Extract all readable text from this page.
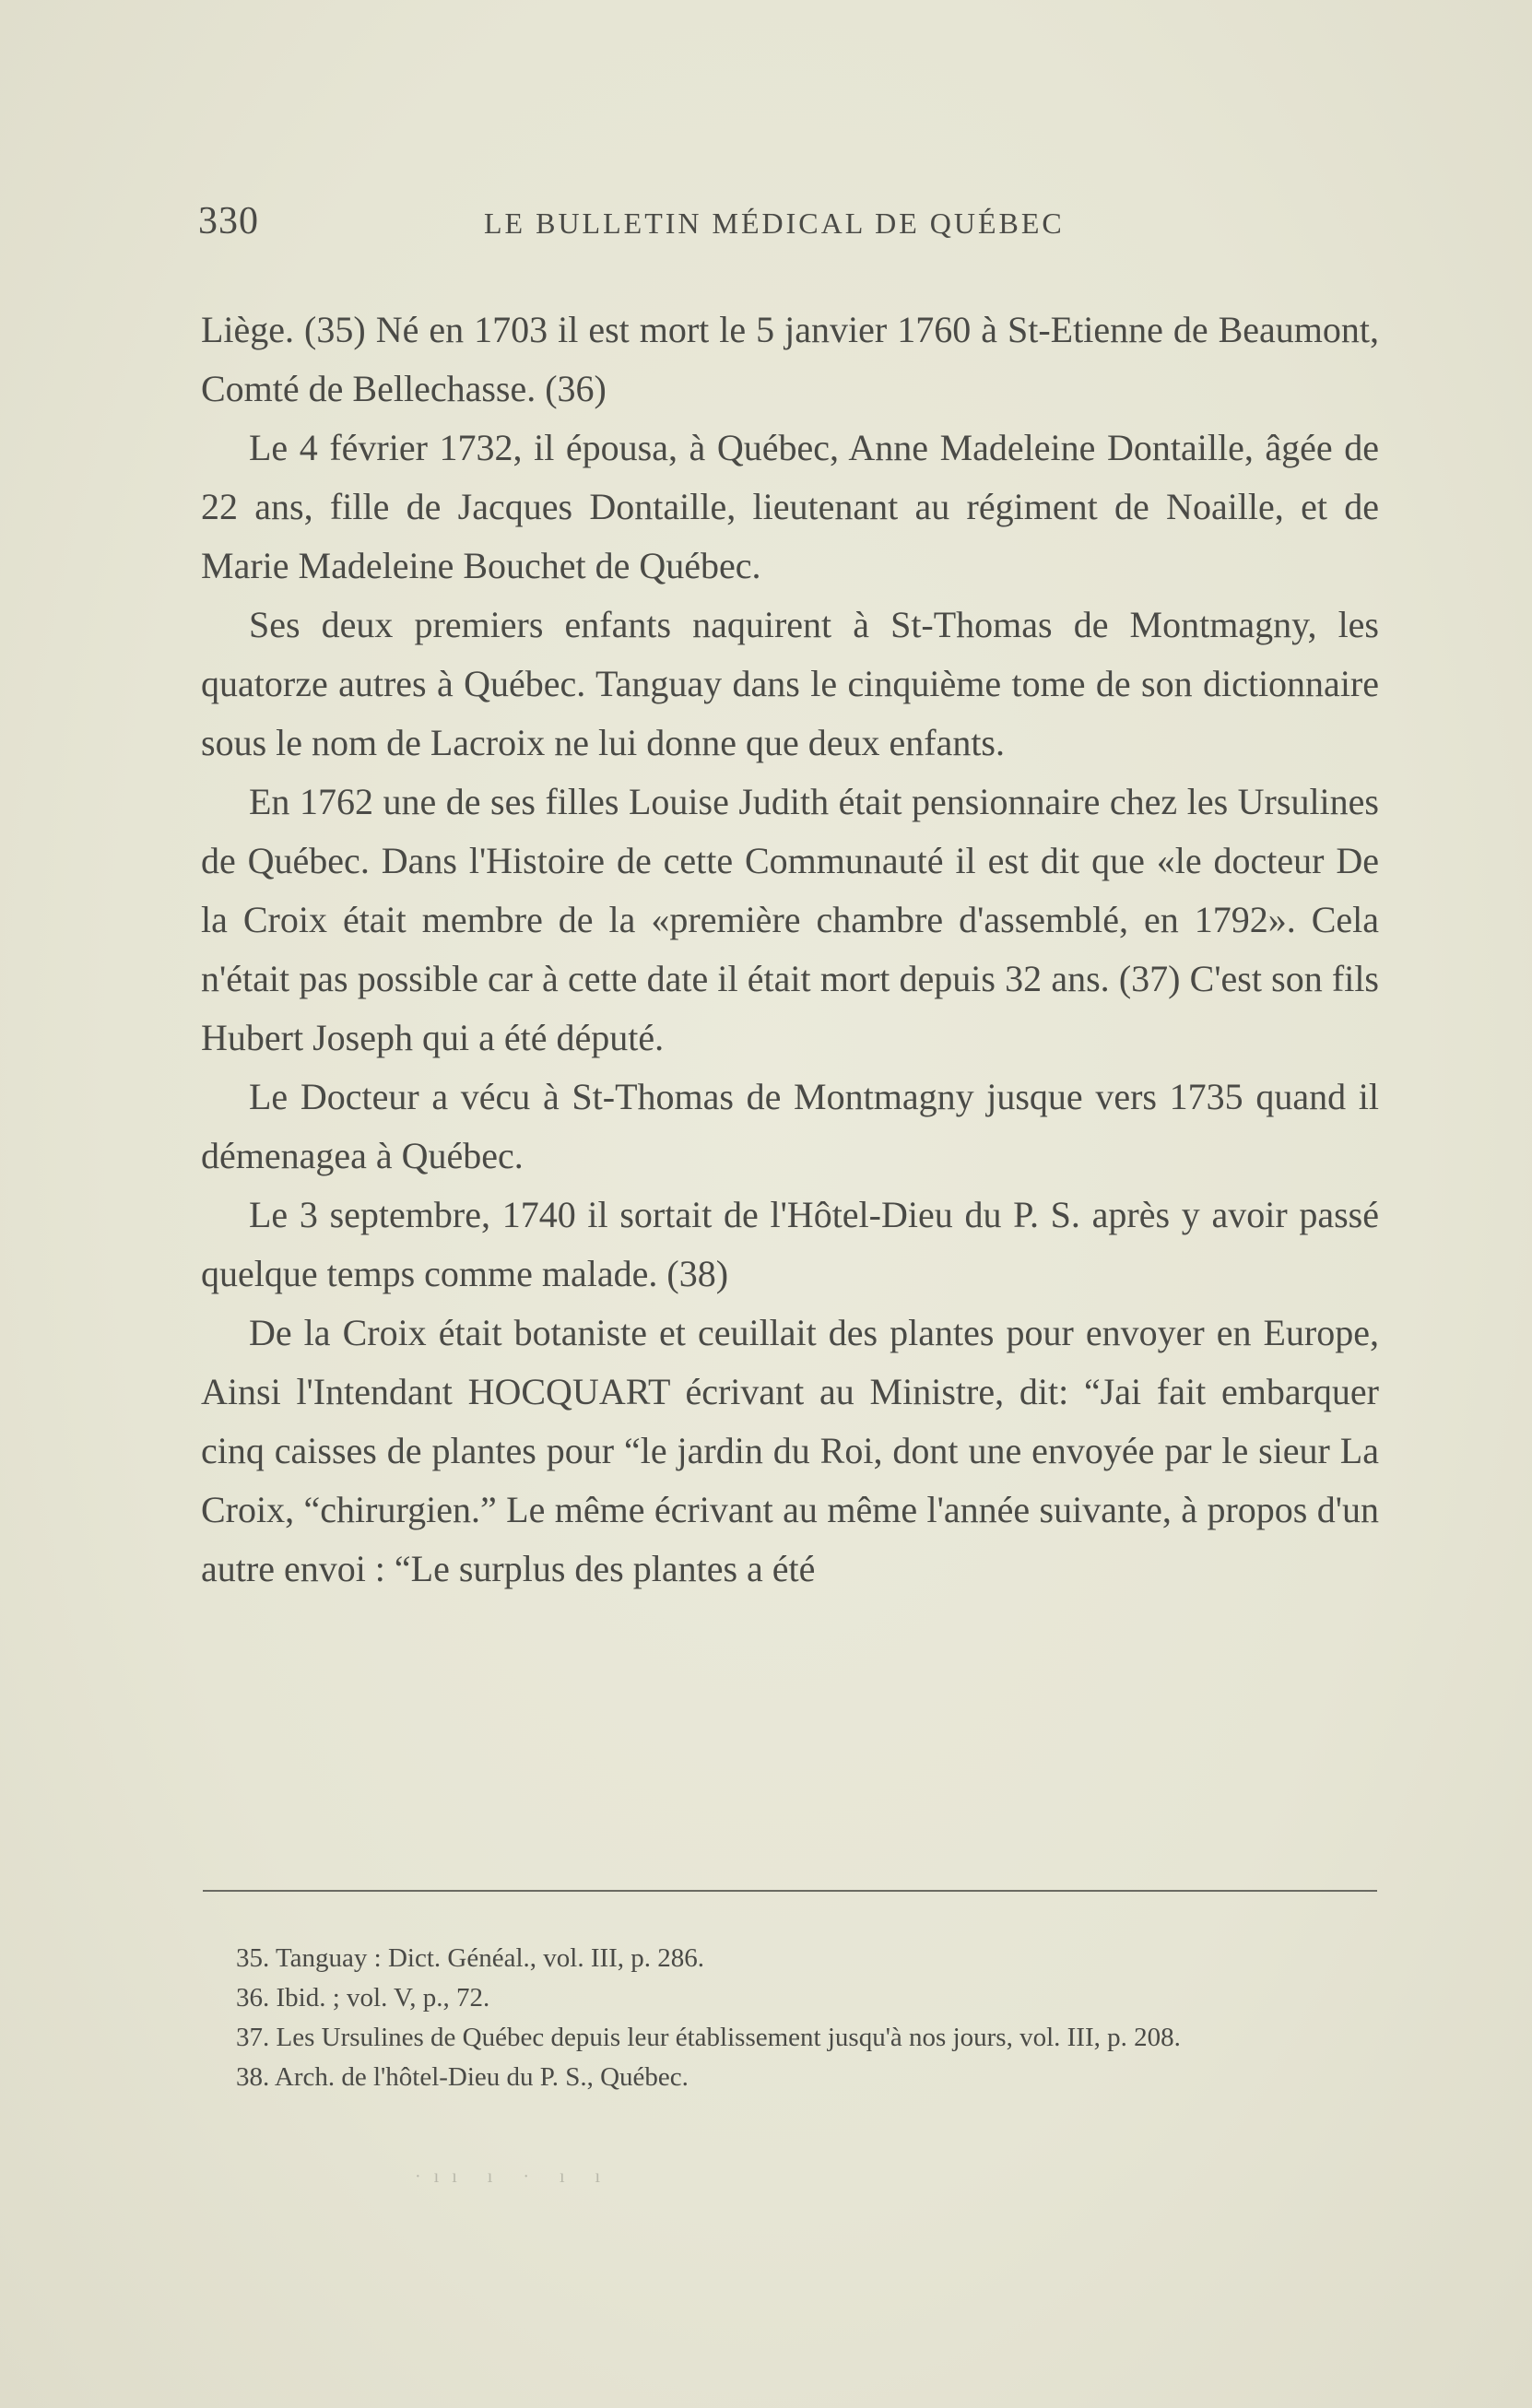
330	LE BULLETIN MÉDICAL DE QUÉBEC

Liège. (35) Né en 1703 il est mort le 5 janvier 1760 à St-Etienne de Beaumont, Comté de Bellechasse. (36)

Le 4 février 1732, il épousa, à Québec, Anne Madeleine Dontaille, âgée de 22 ans, fille de Jacques Dontaille, lieutenant au régiment de Noaille, et de Marie Madeleine Bouchet de Québec.

Ses deux premiers enfants naquirent à St-Thomas de Montmagny, les quatorze autres à Québec. Tanguay dans le cinquième tome de son dictionnaire sous le nom de Lacroix ne lui donne que deux enfants.

En 1762 une de ses filles Louise Judith était pensionnaire chez les Ursulines de Québec. Dans l'Histoire de cette Communauté il est dit que «le docteur De la Croix était membre de la «première chambre d'assemblé, en 1792». Cela n'était pas possible car à cette date il était mort depuis 32 ans. (37) C'est son fils Hubert Joseph qui a été député.

Le Docteur a vécu à St-Thomas de Montmagny jusque vers 1735 quand il démenagea à Québec.

Le 3 septembre, 1740 il sortait de l'Hôtel-Dieu du P. S. après y avoir passé quelque temps comme malade. (38)

De la Croix était botaniste et ceuillait des plantes pour envoyer en Europe, Ainsi l'Intendant HOCQUART écrivant au Ministre, dit: “Jai fait embarquer cinq caisses de plantes pour “le jardin du Roi, dont une envoyée par le sieur La Croix, “chirurgien.” Le même écrivant au même l'année suivante, à propos d'un autre envoi : “Le surplus des plantes a été

35. Tanguay : Dict. Généal., vol. III, p. 286.

36. Ibid. ; vol. V, p., 72.

37. Les Ursulines de Québec depuis leur établissement jusqu'à nos jours, vol. III, p. 208.

38. Arch. de l'hôtel-Dieu du P. S., Québec.

·ıı ı · ı ı
